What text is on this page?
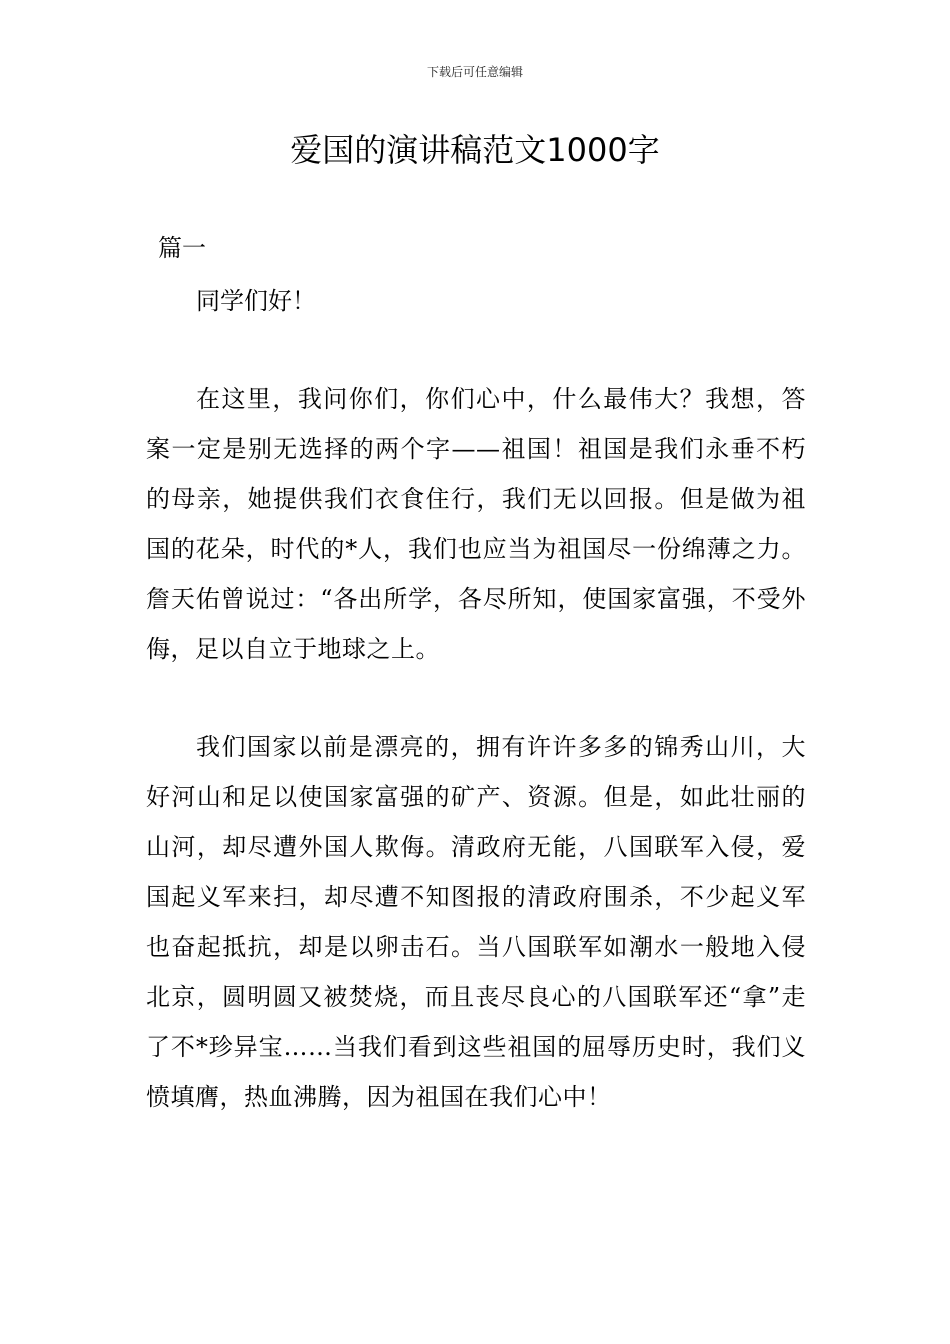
下载后可任意编辑
爱国的演讲稿范文1000字
篇一
同学们好！

在这里，我问你们，你们心中，什么最伟大？我想，答案一定是别无选择的两个字——祖国！祖国是我们永垂不朽的母亲，她提供我们衣食住行，我们无以回报。但是做为祖国的花朵，时代的*人，我们也应当为祖国尽一份绵薄之力。詹天佑曾说过：“各出所学，各尽所知，使国家富强，不受外侮，足以自立于地球之上。

我们国家以前是漂亮的，拥有许许多多的锦秀山川，大好河山和足以使国家富强的矿产、资源。但是，如此壮丽的山河，却尽遭外国人欺侮。清政府无能，八国联军入侵，爱国起义军来扫，却尽遭不知图报的清政府围杀，不少起义军也奋起抵抗，却是以卵击石。当八国联军如潮水一般地入侵北京，圆明圆又被焚烧，而且丧尽良心的八国联军还“拿”走了不*珍异宝……当我们看到这些祖国的屈辱历史时，我们义愤填膺，热血沸腾，因为祖国在我们心中！
